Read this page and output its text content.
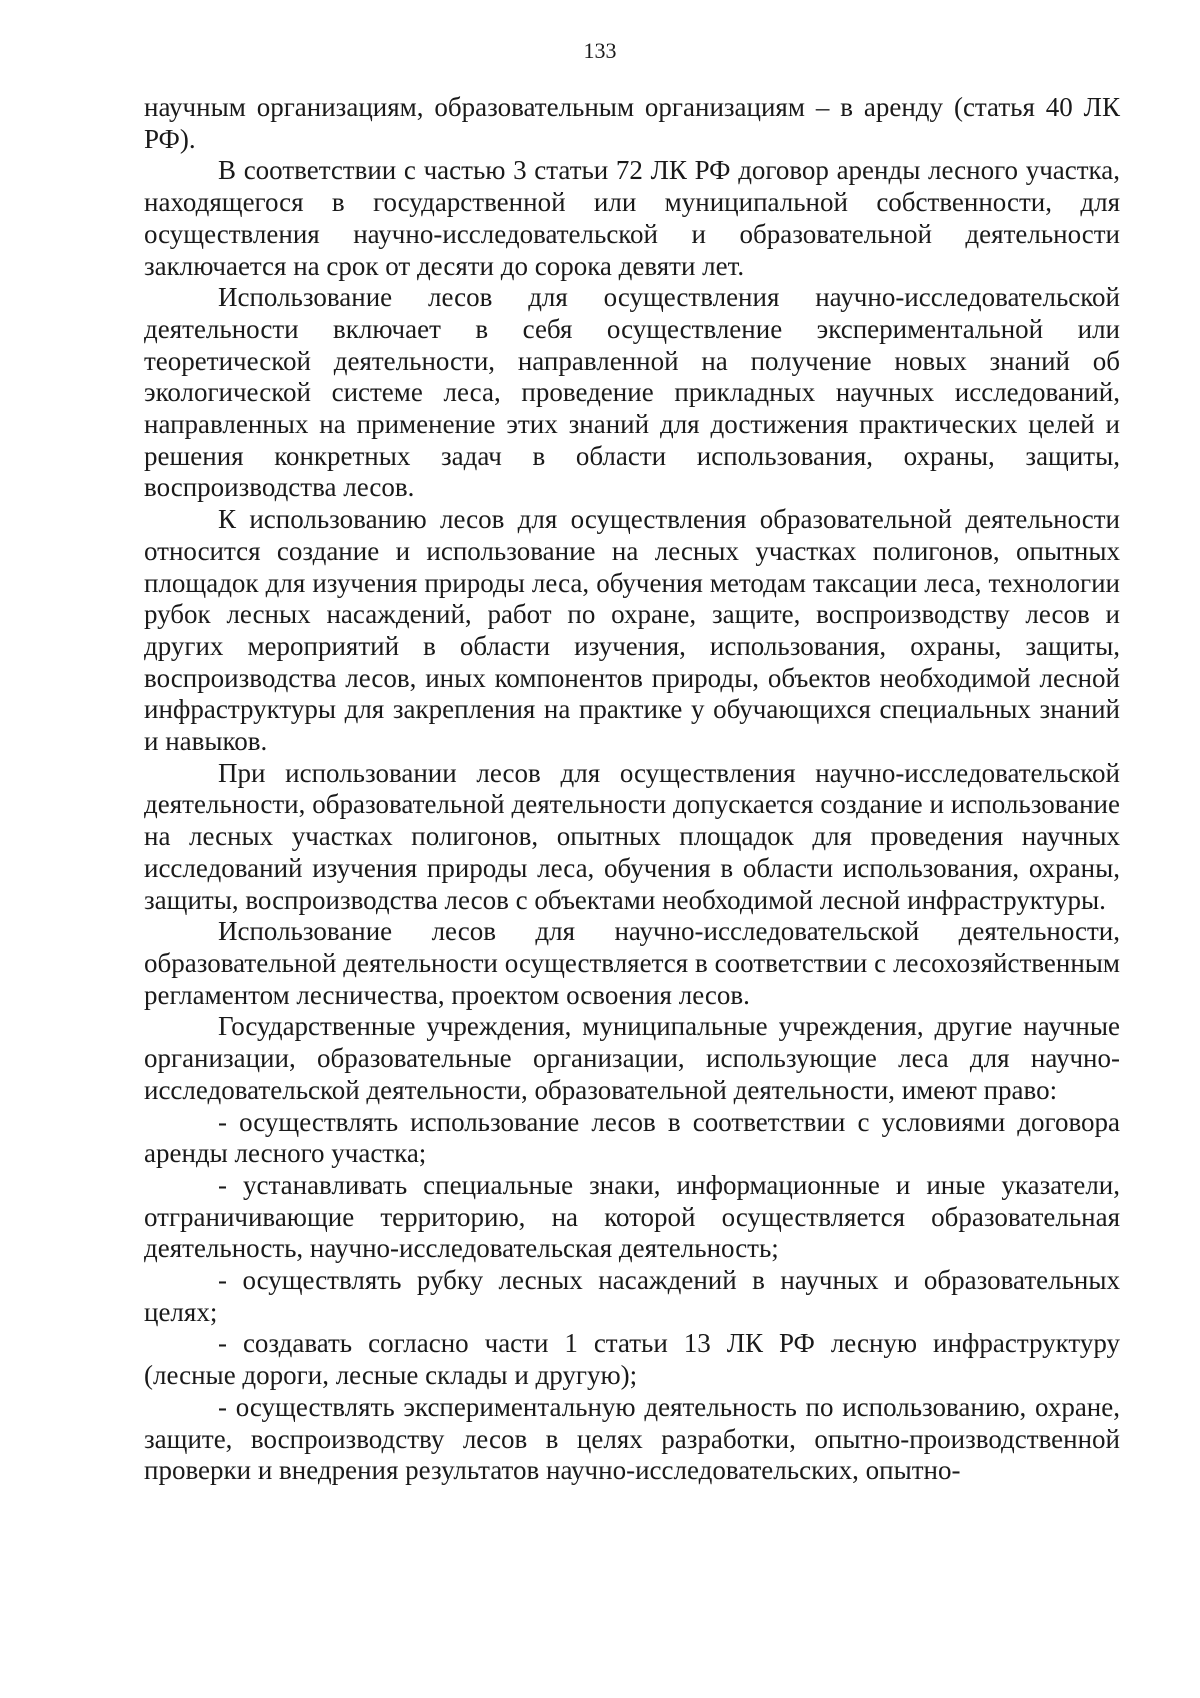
133

научным организациям, образовательным организациям – в аренду (статья 40 ЛК РФ).

В соответствии с частью 3 статьи 72 ЛК РФ договор аренды лесного участка, находящегося в государственной или муниципальной собственности, для осуществления научно-исследовательской и образовательной деятельности заключается на срок от десяти до сорока девяти лет.

Использование лесов для осуществления научно-исследовательской деятельности включает в себя осуществление экспериментальной или теоретической деятельности, направленной на получение новых знаний об экологической системе леса, проведение прикладных научных исследований, направленных на применение этих знаний для достижения практических целей и решения конкретных задач в области использования, охраны, защиты, воспроизводства лесов.

К использованию лесов для осуществления образовательной деятельности относится создание и использование на лесных участках полигонов, опытных площадок для изучения природы леса, обучения методам таксации леса, технологии рубок лесных насаждений, работ по охране, защите, воспроизводству лесов и других мероприятий в области изучения, использования, охраны, защиты, воспроизводства лесов, иных компонентов природы, объектов необходимой лесной инфраструктуры для закрепления на практике у обучающихся специальных знаний и навыков.

При использовании лесов для осуществления научно-исследовательской деятельности, образовательной деятельности допускается создание и использование на лесных участках полигонов, опытных площадок для проведения научных исследований изучения природы леса, обучения в области использования, охраны, защиты, воспроизводства лесов с объектами необходимой лесной инфраструктуры.

Использование лесов для научно-исследовательской деятельности, образовательной деятельности осуществляется в соответствии с лесохозяйственным регламентом лесничества, проектом освоения лесов.

Государственные учреждения, муниципальные учреждения, другие научные организации, образовательные организации, использующие леса для научно-исследовательской деятельности, образовательной деятельности, имеют право:

- осуществлять использование лесов в соответствии с условиями договора аренды лесного участка;

- устанавливать специальные знаки, информационные и иные указатели, отграничивающие территорию, на которой осуществляется образовательная деятельность, научно-исследовательская деятельность;

- осуществлять рубку лесных насаждений в научных и образовательных целях;

- создавать согласно части 1 статьи 13 ЛК РФ лесную инфраструктуру (лесные дороги, лесные склады и другую);

- осуществлять экспериментальную деятельность по использованию, охране, защите, воспроизводству лесов в целях разработки, опытно-производственной проверки и внедрения результатов научно-исследовательских, опытно-
